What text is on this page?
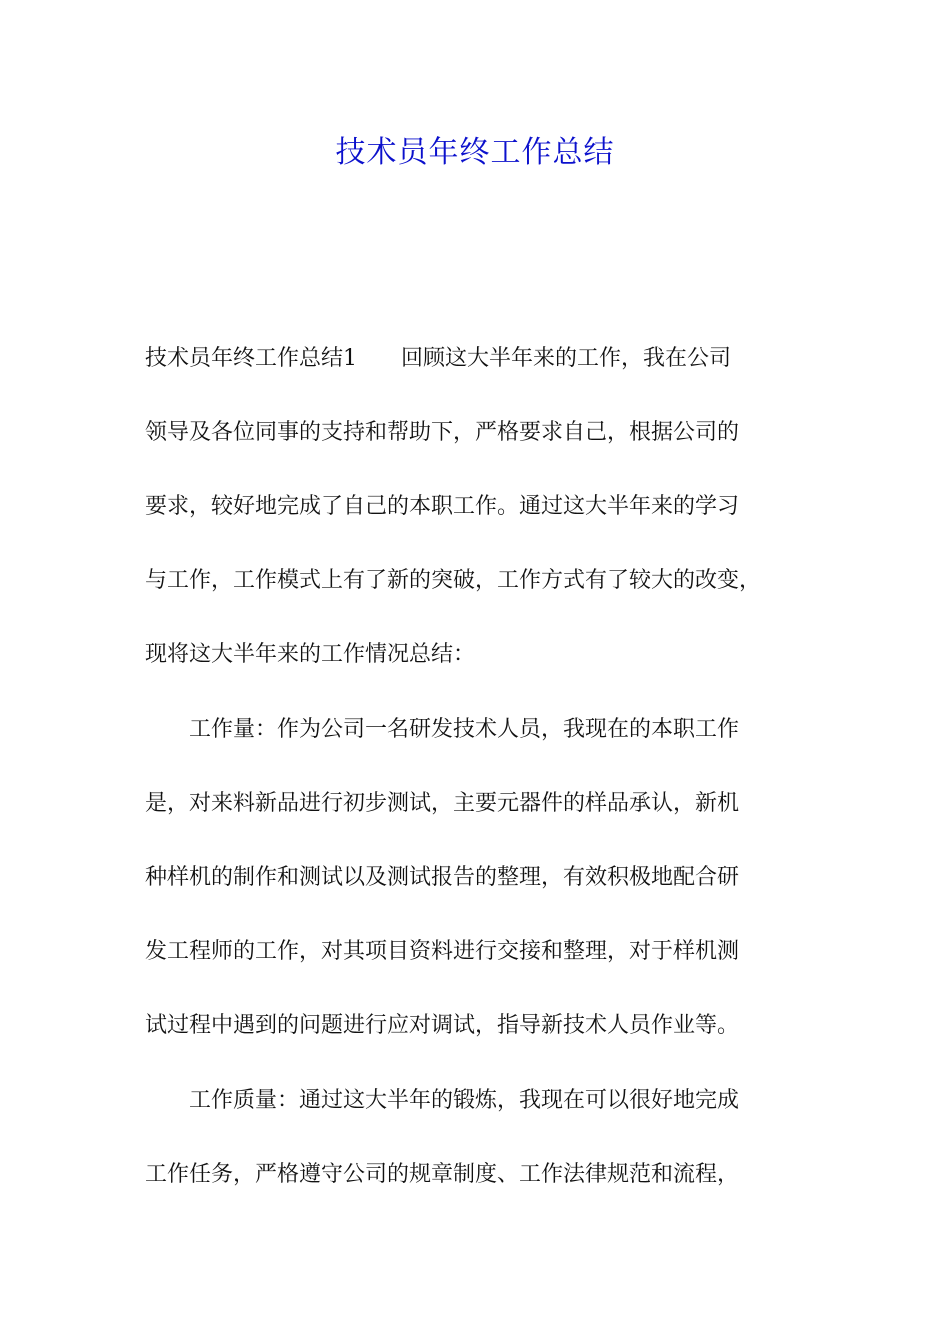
技术员年终工作总结
技术员年终工作总结1　　回顾这大半年来的工作，我在公司
领导及各位同事的支持和帮助下，严格要求自己，根据公司的
要求，较好地完成了自己的本职工作。通过这大半年来的学习
与工作，工作模式上有了新的突破，工作方式有了较大的改变，
现将这大半年来的工作情况总结：
　　工作量：作为公司一名研发技术人员，我现在的本职工作
是，对来料新品进行初步测试，主要元器件的样品承认，新机
种样机的制作和测试以及测试报告的整理，有效积极地配合研
发工程师的工作，对其项目资料进行交接和整理，对于样机测
试过程中遇到的问题进行应对调试，指导新技术人员作业等。
　　工作质量：通过这大半年的锻炼，我现在可以很好地完成
工作任务，严格遵守公司的规章制度、工作法律规范和流程，
